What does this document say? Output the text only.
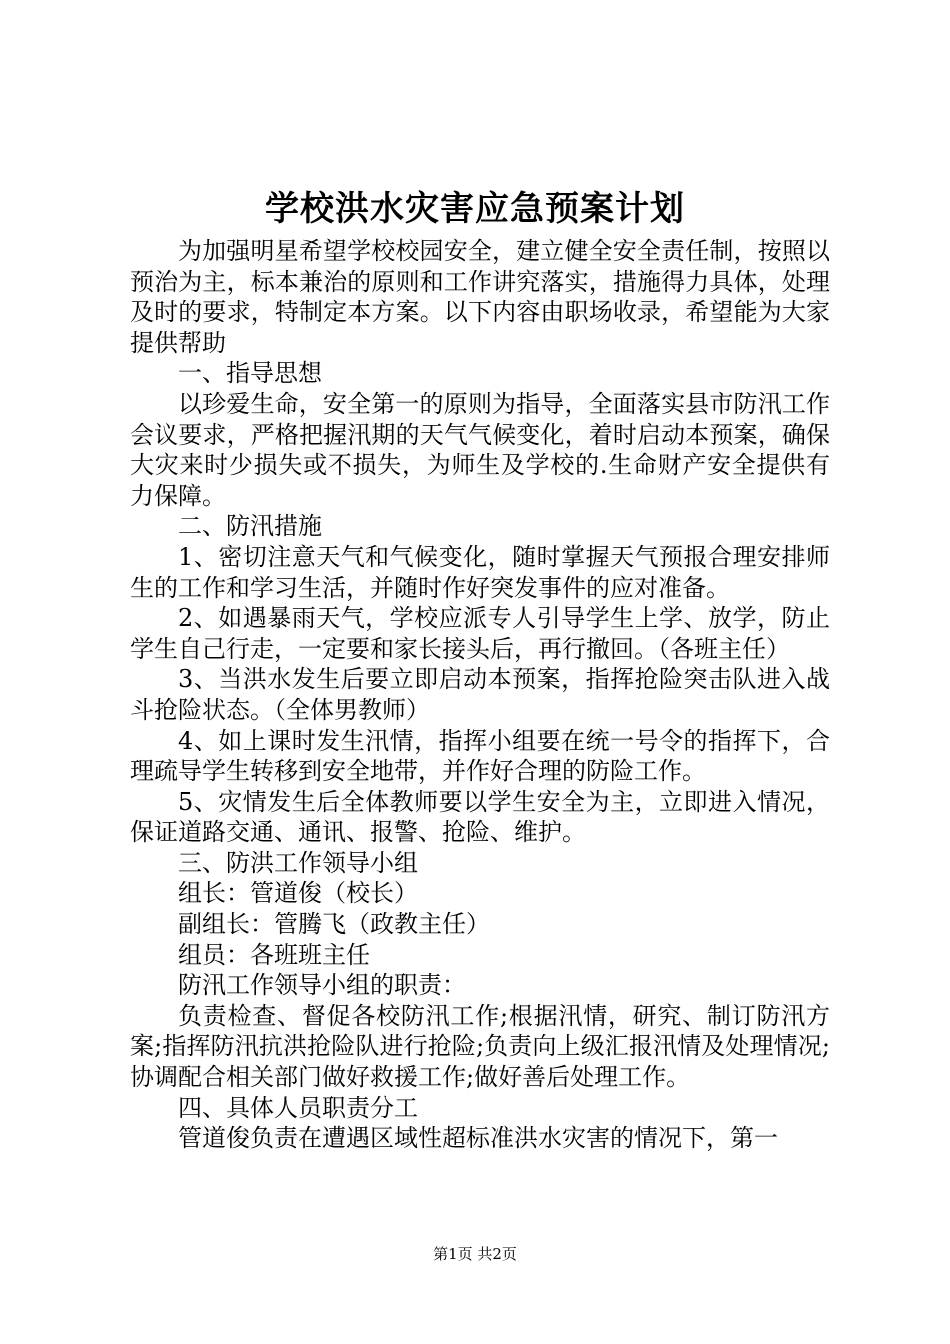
学校洪水灾害应急预案计划

为加强明星希望学校校园安全，建立健全安全责任制，按照以预治为主，标本兼治的原则和工作讲究落实，措施得力具体，处理及时的要求，特制定本方案。以下内容由职场收录，希望能为大家提供帮助

一、指导思想

以珍爱生命，安全第一的原则为指导，全面落实县市防汛工作会议要求，严格把握汛期的天气气候变化，着时启动本预案，确保大灾来时少损失或不损失，为师生及学校的.生命财产安全提供有力保障。

二、防汛措施

1、密切注意天气和气候变化，随时掌握天气预报合理安排师生的工作和学习生活，并随时作好突发事件的应对准备。

2、如遇暴雨天气，学校应派专人引导学生上学、放学，防止学生自己行走，一定要和家长接头后，再行撤回。（各班主任）

3、当洪水发生后要立即启动本预案，指挥抢险突击队进入战斗抢险状态。（全体男教师）

4、如上课时发生汛情，指挥小组要在统一号令的指挥下，合理疏导学生转移到安全地带，并作好合理的防险工作。

5、灾情发生后全体教师要以学生安全为主，立即进入情况，保证道路交通、通讯、报警、抢险、维护。

三、防洪工作领导小组

组长：管道俊（校长）

副组长：管腾飞（政教主任）

组员：各班班主任

防汛工作领导小组的职责：

负责检查、督促各校防汛工作;根据汛情，研究、制订防汛方案;指挥防汛抗洪抢险队进行抢险;负责向上级汇报汛情及处理情况;协调配合相关部门做好救援工作;做好善后处理工作。

四、具体人员职责分工

管道俊负责在遭遇区域性超标准洪水灾害的情况下，第一

第1页 共2页
